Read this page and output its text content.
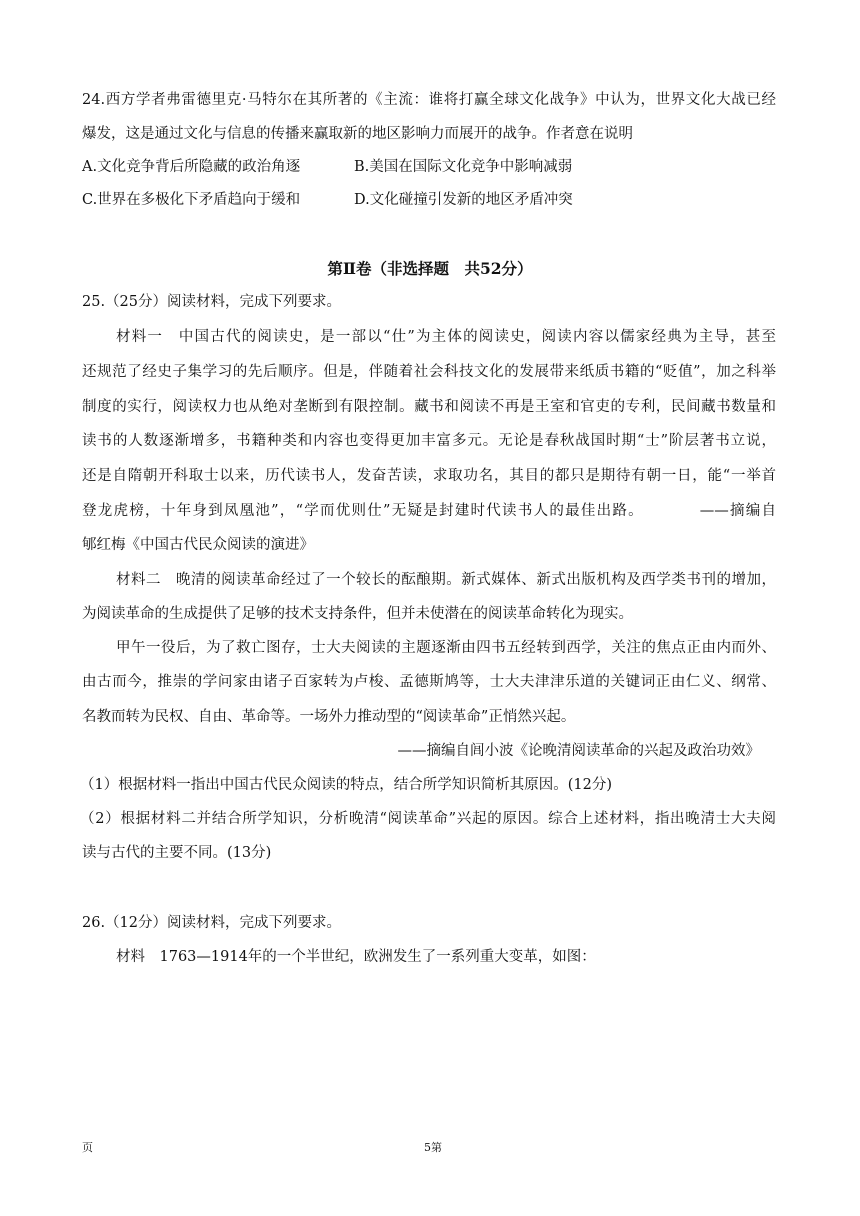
24.西方学者弗雷德里克·马特尔在其所著的《主流：谁将打赢全球文化战争》中认为，世界文化大战已经
爆发，这是通过文化与信息的传播来赢取新的地区影响力而展开的战争。作者意在说明
A.文化竞争背后所隐藏的政治角逐	B.美国在国际文化竞争中影响减弱
C.世界在多极化下矛盾趋向于缓和	D.文化碰撞引发新的地区矛盾冲突
第Ⅱ卷（非选择题　共52分）
25.（25分）阅读材料，完成下列要求。
材料一　中国古代的阅读史，是一部以“仕”为主体的阅读史，阅读内容以儒家经典为主导，甚至
还规范了经史子集学习的先后顺序。但是，伴随着社会科技文化的发展带来纸质书籍的“贬值”，加之科举
制度的实行，阅读权力也从绝对垄断到有限控制。藏书和阅读不再是王室和官吏的专利，民间藏书数量和
读书的人数逐渐增多，书籍种类和内容也变得更加丰富多元。无论是春秋战国时期“士”阶层著书立说，
还是自隋朝开科取士以来，历代读书人，发奋苦读，求取功名，其目的都只是期待有朝一日，能“一举首
登龙虎榜，十年身到凤凰池”，“学而优则仕”无疑是封建时代读书人的最佳出路。　　　　——摘编自
郇红梅《中国古代民众阅读的演进》
材料二　晚清的阅读革命经过了一个较长的酝酿期。新式媒体、新式出版机构及西学类书刊的增加，
为阅读革命的生成提供了足够的技术支持条件，但并未使潜在的阅读革命转化为现实。
甲午一役后，为了救亡图存，士大夫阅读的主题逐渐由四书五经转到西学，关注的焦点正由内而外、
由古而今，推崇的学问家由诸子百家转为卢梭、孟德斯鸠等，士大夫津津乐道的关键词正由仁义、纲常、
名教而转为民权、自由、革命等。一场外力推动型的“阅读革命”正悄然兴起。
——摘编自闾小波《论晚清阅读革命的兴起及政治功效》
（1）根据材料一指出中国古代民众阅读的特点，结合所学知识简析其原因。(12分)
（2）根据材料二并结合所学知识，分析晚清“阅读革命”兴起的原因。综合上述材料，指出晚清士大夫阅
读与古代的主要不同。(13分)
26.（12分）阅读材料，完成下列要求。
材料　1763—1914年的一个半世纪，欧洲发生了一系列重大变革，如图：
页	5第
